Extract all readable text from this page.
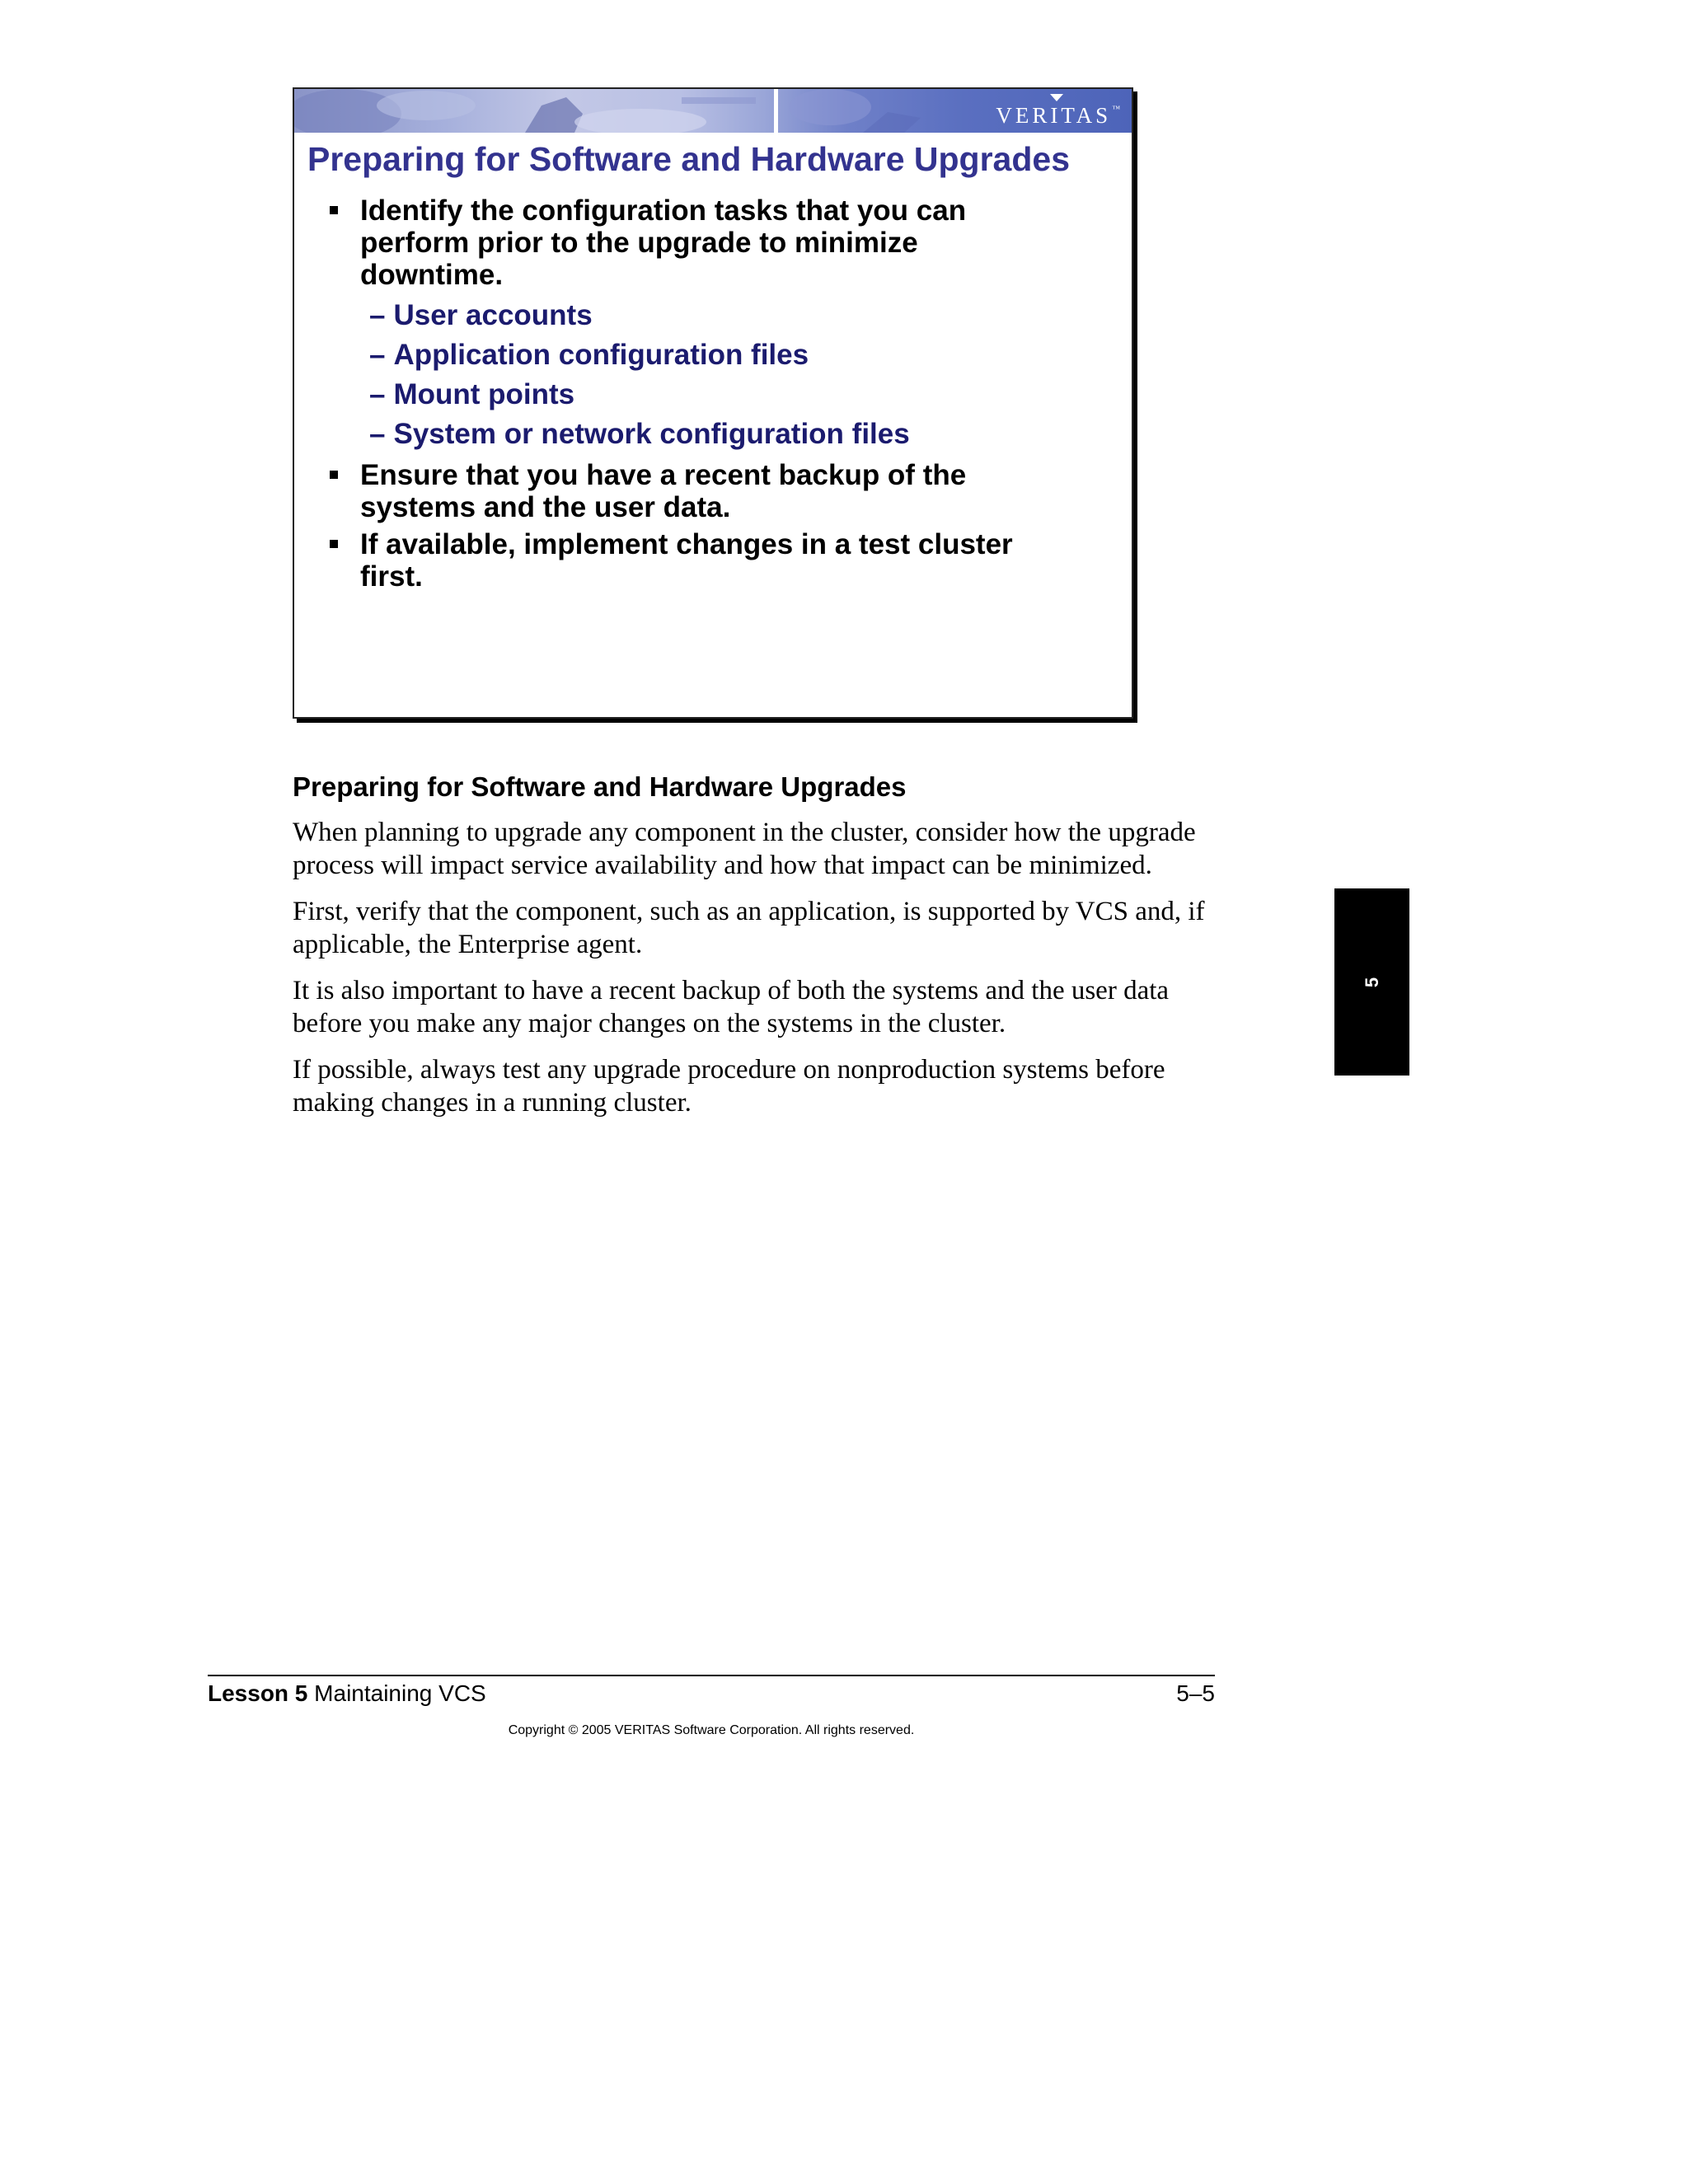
VERITAS ™
Preparing for Software and Hardware Upgrades
Identify the configuration tasks that you can perform prior to the upgrade to minimize downtime.
– User accounts
– Application configuration files
– Mount points
– System or network configuration files
Ensure that you have a recent backup of the systems and the user data.
If available, implement changes in a test cluster first.
Preparing for Software and Hardware Upgrades

When planning to upgrade any component in the cluster, consider how the upgrade process will impact service availability and how that impact can be minimized.

First, verify that the component, such as an application, is supported by VCS and, if applicable, the Enterprise agent.

It is also important to have a recent backup of both the systems and the user data before you make any major changes on the systems in the cluster.

If possible, always test any upgrade procedure on nonproduction systems before making changes in a running cluster.

5
Lesson 5 Maintaining VCS	5–5
Copyright © 2005 VERITAS Software Corporation. All rights reserved.
